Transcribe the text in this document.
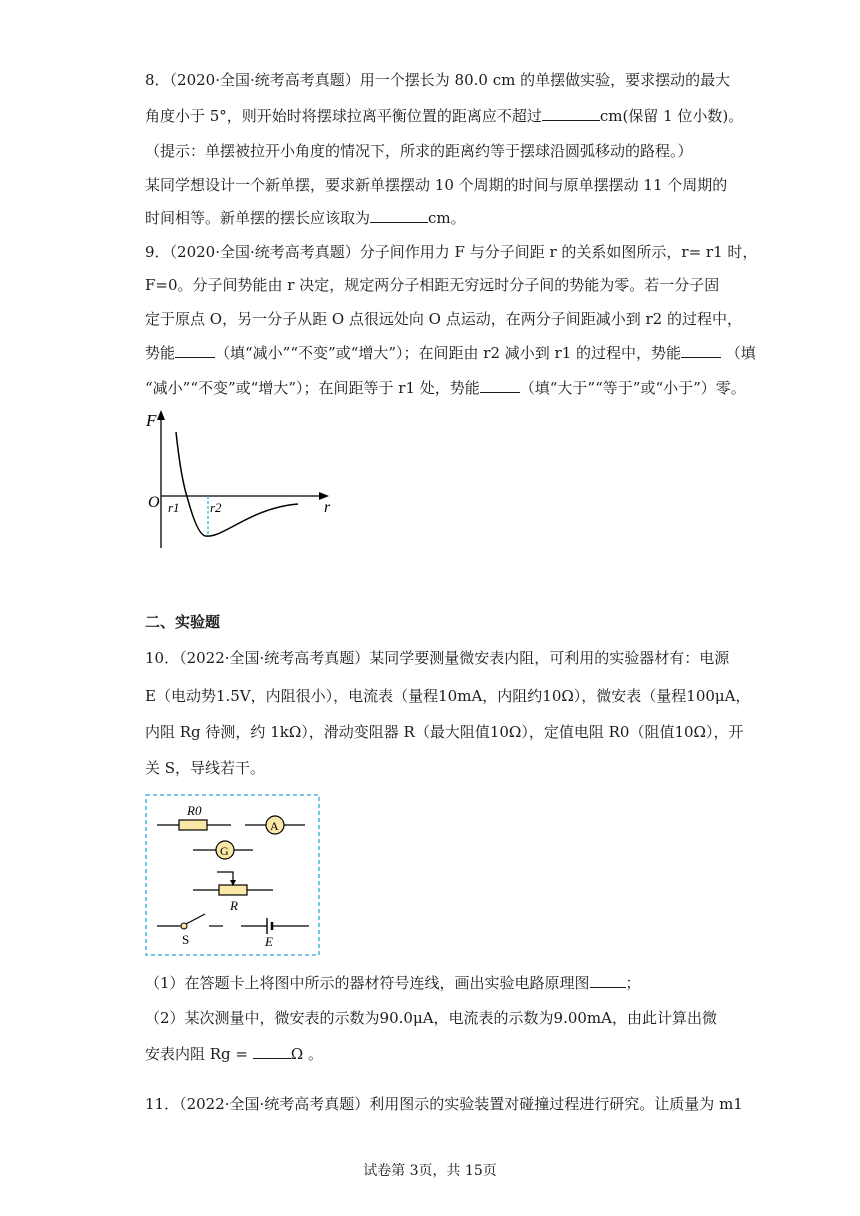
8．（2020·全国·统考高考真题）用一个摆长为 80.0 cm 的单摆做实验，要求摆动的最大
角度小于 5°，则开始时将摆球拉离平衡位置的距离应不超过	cm(保留 1 位小数)。
（提示：单摆被拉开小角度的情况下，所求的距离约等于摆球沿圆弧移动的路程。）
某同学想设计一个新单摆，要求新单摆摆动 10 个周期的时间与原单摆摆动 11 个周期的
时间相等。新单摆的摆长应该取为	cm。
9．（2020·全国·统考高考真题）分子间作用力 F 与分子间距 r 的关系如图所示，r= r1 时，
F=0。分子间势能由 r 决定，规定两分子相距无穷远时分子间的势能为零。若一分子固
定于原点 O，另一分子从距 O 点很远处向 O 点运动，在两分子间距减小到 r2 的过程中，
势能	（填“减小”“不变”或“增大”）；在间距由 r2 减小到 r1 的过程中，势能	（填
“减小”“不变”或“增大”）；在间距等于 r1 处，势能	（填“大于”“等于”或“小于”）零。
F
O	r
r1 r2
二、实验题
10．（2022·全国·统考高考真题）某同学要测量微安表内阻，可利用的实验器材有：电源
E（电动势1.5V，内阻很小），电流表（量程10mA，内阻约10Ω），微安表（量程100μA，
内阻 Rg 待测，约 1kΩ），滑动变阻器 R（最大阻值10Ω），定值电阻 R0（阻值10Ω），开
关 S，导线若干。
R0
A
G
R
S	E
（1）在答题卡上将图中所示的器材符号连线，画出实验电路原理图 ；
（2）某次测量中，微安表的示数为90.0μA，电流表的示数为9.00mA，由此计算出微
安表内阻 Rg =	Ω 。
11．（2022·全国·统考高考真题）利用图示的实验装置对碰撞过程进行研究。让质量为 m1
试卷第 3页，共 15页
